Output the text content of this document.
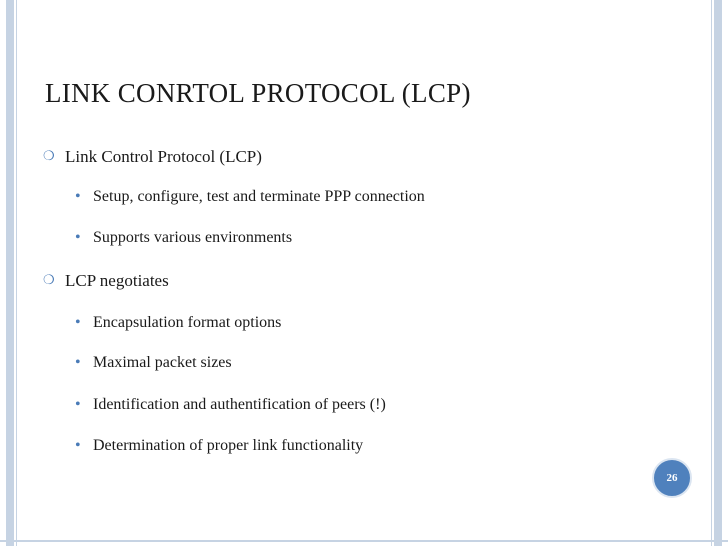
LINK CONRTOL PROTOCOL (LCP)
❍ Link Control Protocol (LCP)
• Setup, configure, test and terminate PPP connection
• Supports various environments
❍ LCP negotiates
• Encapsulation format options
• Maximal packet sizes
• Identification and authentification of peers (!)
• Determination of proper link functionality
26
